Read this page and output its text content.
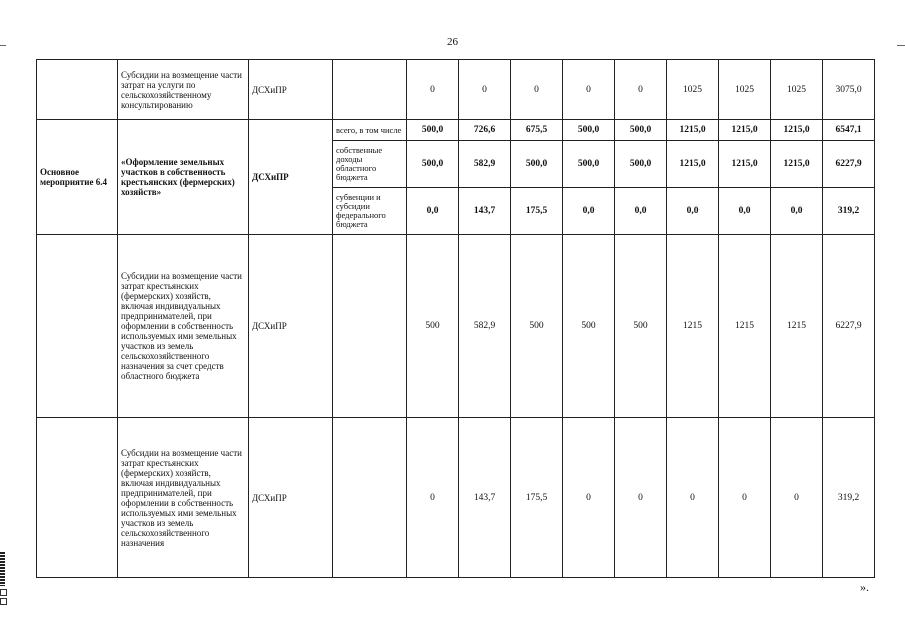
26
	Субсидии на возмещение части затрат на услуги по сельскохозяйственному консультированию	ДСХиПР		0	0	0	0	0	1025	1025	1025	3075,0
Основное мероприятие 6.4	«Оформление земельных участков в собственность крестьянских (фермерских) хозяйств»	ДСХиПР	всего, в том числе	500,0	726,6	675,5	500,0	500,0	1215,0	1215,0	1215,0	6547,1
			собственные доходы областного бюджета	500,0	582,9	500,0	500,0	500,0	1215,0	1215,0	1215,0	6227,9
			субвенции и субсидии федерального бюджета	0,0	143,7	175,5	0,0	0,0	0,0	0,0	0,0	319,2
	Субсидии на возмещение части затрат крестьянских (фермерских) хозяйств, включая индивидуальных предпринимателей, при оформлении в собственность используемых ими земельных участков из земель сельскохозяйственного назначения за счет средств областного бюджета	ДСХиПР		500	582,9	500	500	500	1215	1215	1215	6227,9
	Субсидии на возмещение части затрат крестьянских (фермерских) хозяйств, включая индивидуальных предпринимателей, при оформлении в собственность используемых ими земельных участков из земель сельскохозяйственного назначения	ДСХиПР		0	143,7	175,5	0	0	0	0	0	319,2
».
